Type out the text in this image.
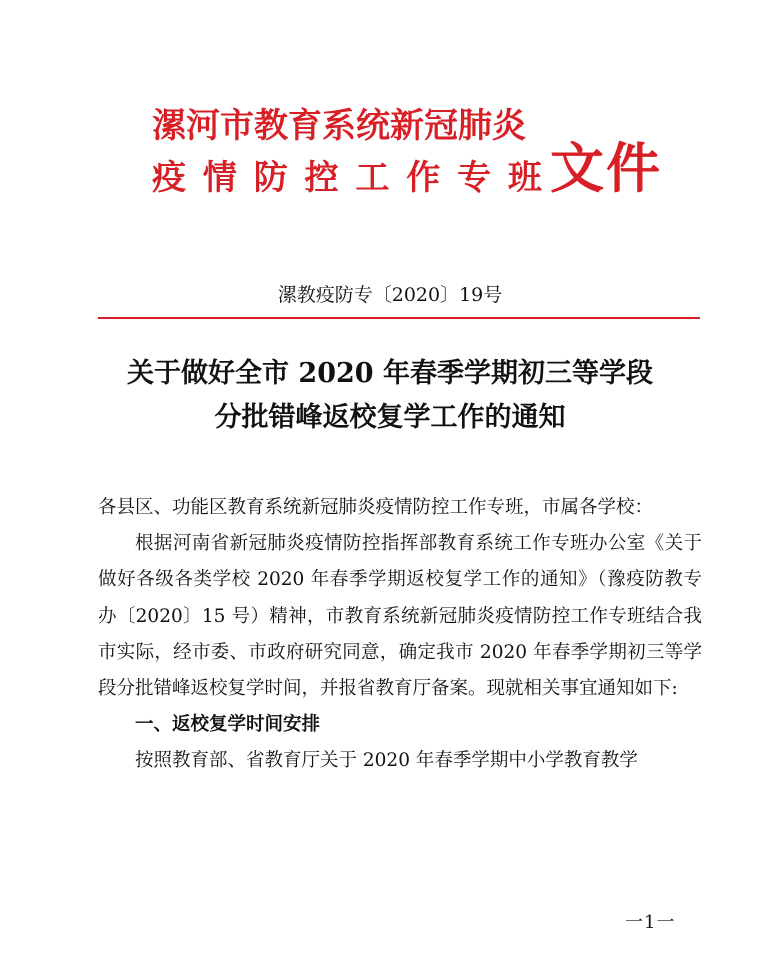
漯河市教育系统新冠肺炎
疫 情 防 控 工 作 专 班 文件
漯教疫防专〔2020〕19号
关于做好全市 2020 年春季学期初三等学段
分批错峰返校复学工作的通知

各县区、功能区教育系统新冠肺炎疫情防控工作专班，市属各学校：

根据河南省新冠肺炎疫情防控指挥部教育系统工作专班办公室《关于做好各级各类学校 2020 年春季学期返校复学工作的通知》（豫疫防教专办〔2020〕15 号）精神，市教育系统新冠肺炎疫情防控工作专班结合我市实际，经市委、市政府研究同意，确定我市 2020 年春季学期初三等学段分批错峰返校复学时间，并报省教育厅备案。现就相关事宜通知如下:

一、返校复学时间安排

按照教育部、省教育厅关于 2020 年春季学期中小学教育教学

一1一
